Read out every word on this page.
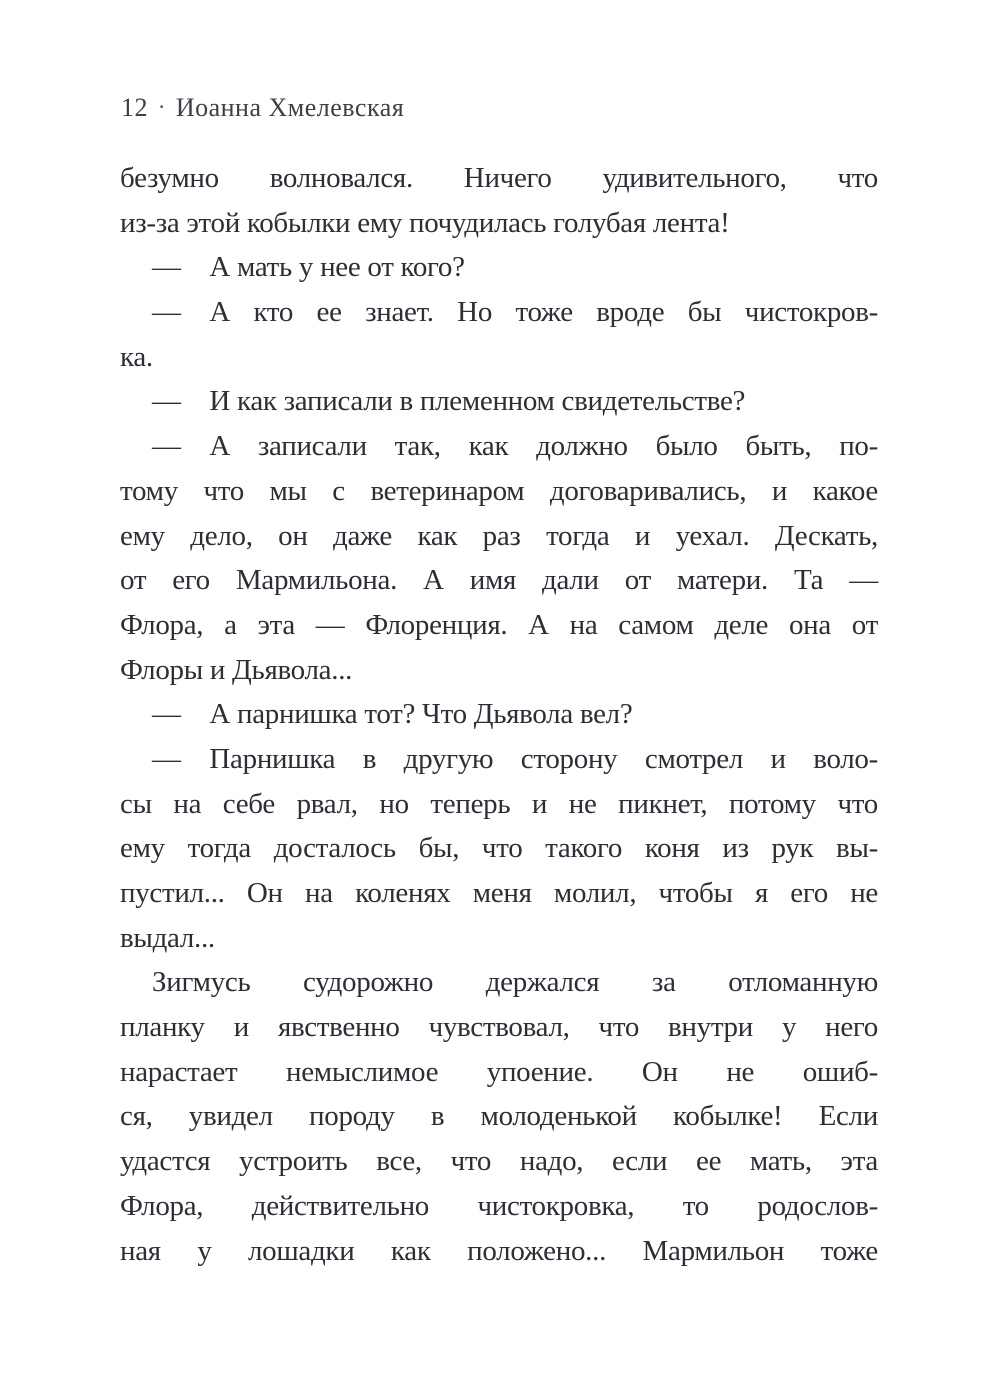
12 · Иоанна Хмелевская
безумно волновался. Ничего удивительного, что
из-за этой кобылки ему почудилась голубая лента!
— А мать у нее от кого?
— А кто ее знает. Но тоже вроде бы чистокров-
ка.
— И как записали в племенном свидетельстве?
— А записали так, как должно было быть, по-
тому что мы с ветеринаром договаривались, и какое
ему дело, он даже как раз тогда и уехал. Дескать,
от его Мармильона. А имя дали от матери. Та —
Флора, а эта — Флоренция. А на самом деле она от
Флоры и Дьявола...
— А парнишка тот? Что Дьявола вел?
— Парнишка в другую сторону смотрел и воло-
сы на себе рвал, но теперь и не пикнет, потому что
ему тогда досталось бы, что такого коня из рук вы-
пустил... Он на коленях меня молил, чтобы я его не
выдал...
Зигмусь судорожно держался за отломанную
планку и явственно чувствовал, что внутри у него
нарастает немыслимое упоение. Он не ошиб-
ся, увидел породу в молоденькой кобылке! Если
удастся устроить все, что надо, если ее мать, эта
Флора, действительно чистокровка, то родослов-
ная у лошадки как положено... Мармильон тоже
